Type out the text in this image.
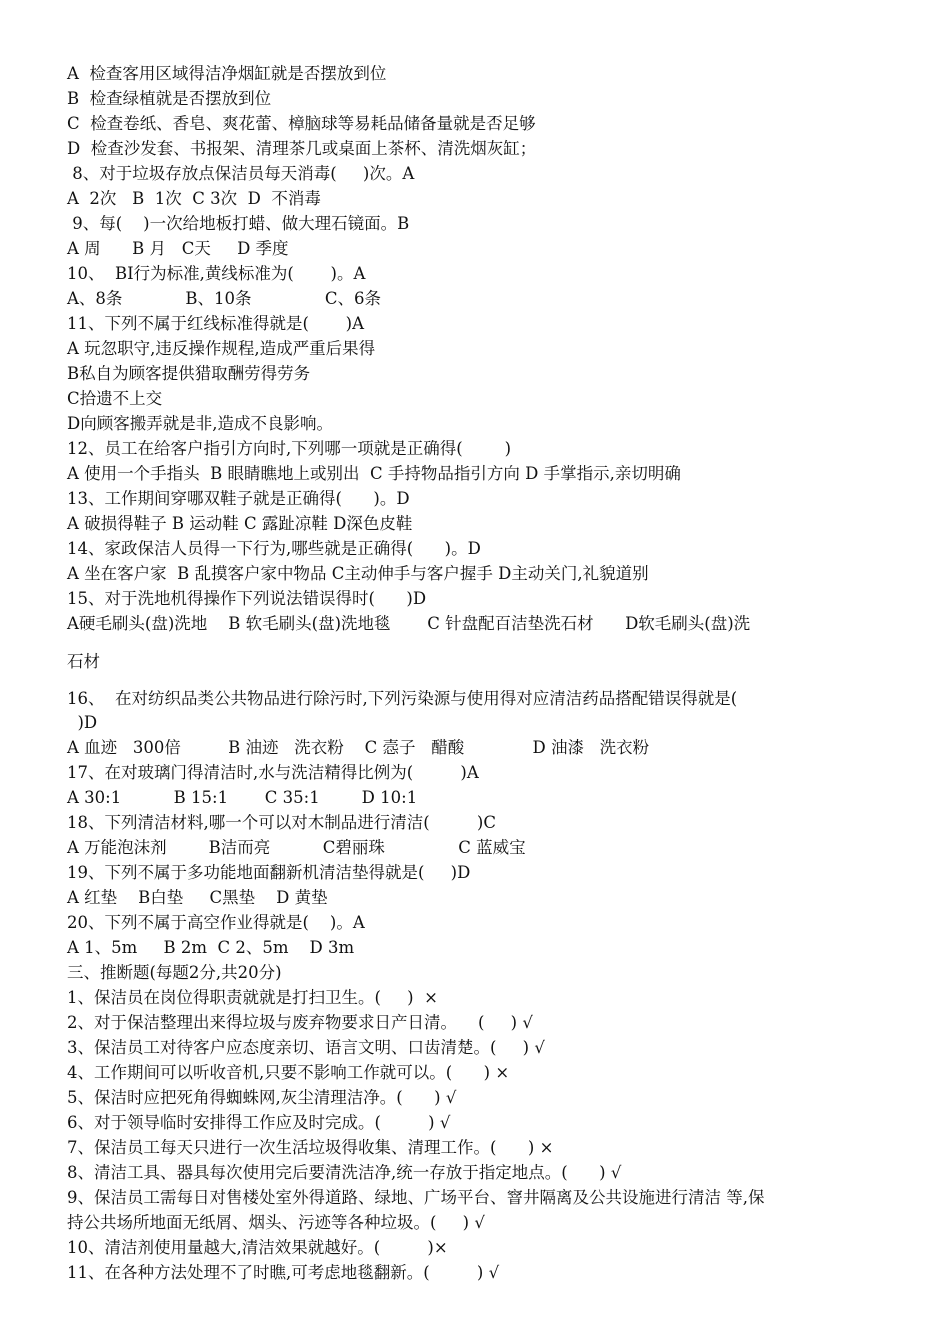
A  检查客用区域得洁净烟缸就是否摆放到位
B  检查绿植就是否摆放到位
C  检查卷纸、香皂、爽花蕾、樟脑球等易耗品储备量就是否足够
D  检查沙发套、书报架、清理茶几或桌面上茶杯、清洗烟灰缸；
8、对于垃圾存放点保洁员每天消毒(     )次。A
A  2次   B  1次  C 3次  D  不消毒
9、每(    )一次给地板打蜡、做大理石镜面。B
A 周      B 月   C天     D 季度
10、  BI行为标准,黄线标准为(       )。A
A、8条            B、10条              C、6条
11、下列不属于红线标准得就是(       )A
A 玩忽职守,违反操作规程,造成严重后果得
B私自为顾客提供猎取酬劳得劳务
C拾遗不上交
D向顾客搬弄就是非,造成不良影响。
12、员工在给客户指引方向时,下列哪一项就是正确得(        )
A 使用一个手指头  B 眼睛瞧地上或别出  C 手持物品指引方向 D 手掌指示,亲切明确
13、工作期间穿哪双鞋子就是正确得(      )。D
A 破损得鞋子 B 运动鞋 C 露趾凉鞋 D深色皮鞋
14、家政保洁人员得一下行为,哪些就是正确得(      )。D
A 坐在客户家  B 乱摸客户家中物品 C主动伸手与客户握手 D主动关门,礼貌道别
15、对于洗地机得操作下列说法错误得时(      )D
A硬毛刷头(盘)洗地    B 软毛刷头(盘)洗地毯       C 针盘配百洁垫洗石材      D软毛刷头(盘)洗
石材
16、  在对纺织品类公共物品进行除污时,下列污染源与使用得对应清洁药品搭配错误得就是(
)D
A 血迹   300倍         B 油迹   洗衣粉    C 悫子   醋酸             D 油漆   洗衣粉
17、在对玻璃门得清洁时,水与洗洁精得比例为(         )A
A 30:1          B 15:1       C 35:1        D 10:1
18、下列清洁材料,哪一个可以对木制品进行清洁(         )C
A 万能泡沫剂        B洁而亮          C碧丽珠              C 蓝威宝
19、下列不属于多功能地面翻新机清洁垫得就是(     )D
A 红垫    B白垫     C黑垫    D 黄垫
20、下列不属于高空作业得就是(    )。A
A 1、5m     B 2m  C 2、5m    D 3m
三、推断题(每题2分,共20分)
1、保洁员在岗位得职责就就是打扫卫生。(     )  ×
2、对于保洁整理出来得垃圾与废弃物要求日产日清。    (     ) √
3、保洁员工对待客户应态度亲切、语言文明、口齿清楚。(     ) √
4、工作期间可以听收音机,只要不影响工作就可以。(      ) ×
5、保洁时应把死角得蜘蛛网,灰尘清理洁净。(      ) √
6、对于领导临时安排得工作应及时完成。(         ) √
7、保洁员工每天只进行一次生活垃圾得收集、清理工作。(      ) ×
8、清洁工具、器具每次使用完后要清洗洁净,统一存放于指定地点。(      ) √
9、保洁员工需每日对售楼处室外得道路、绿地、广场平台、窨井隔离及公共设施进行清洁 等,保
持公共场所地面无纸屑、烟头、污迹等各种垃圾。(     ) √
10、清洁剂使用量越大,清洁效果就越好。(         )×
11、在各种方法处理不了时瞧,可考虑地毯翻新。(         ) √
